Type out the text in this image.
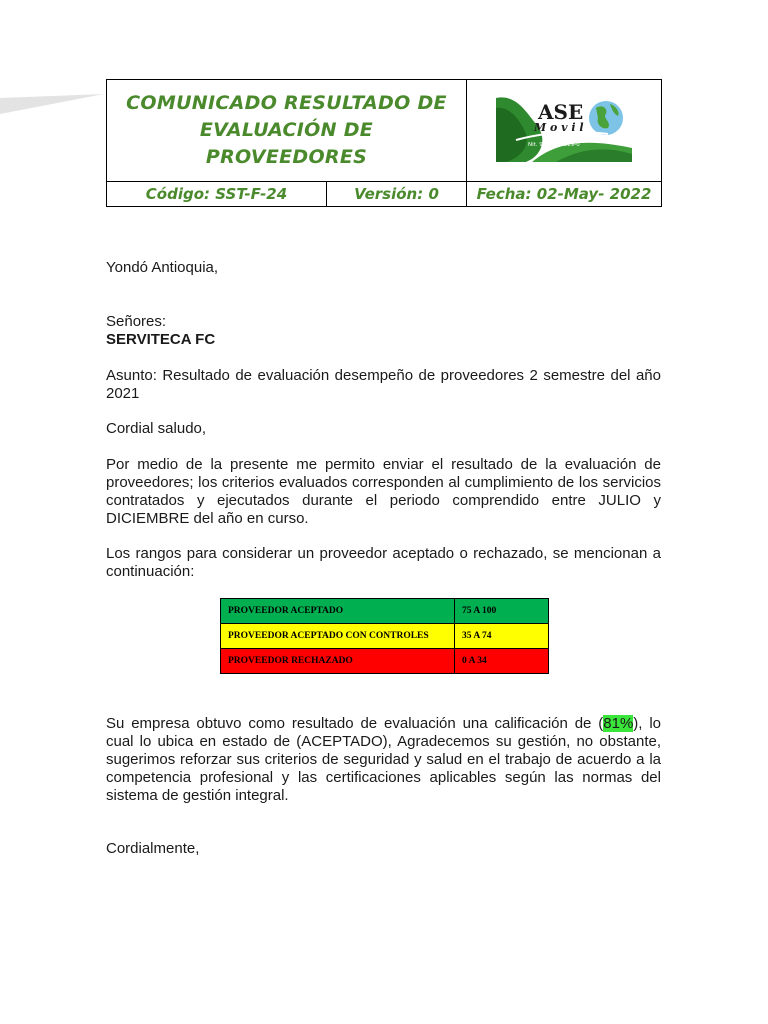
COMUNICADO RESULTADO DE
EVALUACIÓN DE
PROVEEDORES		ASE
M o v i l
S.A.S
Nit. 901.301.929-0

Código: SST-F-24	Versión: 0	Fecha: 02-May- 2022
Yondó Antioquia,
Señores:
SERVITECA FC
Asunto: Resultado de evaluación desempeño de proveedores 2 semestre del año 2021
Cordial saludo,
Por medio de la presente me permito enviar el resultado de la evaluación de proveedores; los criterios evaluados corresponden al cumplimiento de los servicios contratados y ejecutados durante el periodo comprendido entre JULIO y DICIEMBRE del año en curso.
Los rangos para considerar un proveedor aceptado o rechazado, se mencionan a continuación:
PROVEEDOR ACEPTADO	75 A 100
PROVEEDOR ACEPTADO CON CONTROLES	35 A 74
PROVEEDOR RECHAZADO	0 A 34
Su empresa obtuvo como resultado de evaluación una calificación de (81%), lo cual lo ubica en estado de (ACEPTADO), Agradecemos su gestión, no obstante, sugerimos reforzar sus criterios de seguridad y salud en el trabajo de acuerdo a la competencia profesional y las certificaciones aplicables según las normas del sistema de gestión integral.
Cordialmente,
